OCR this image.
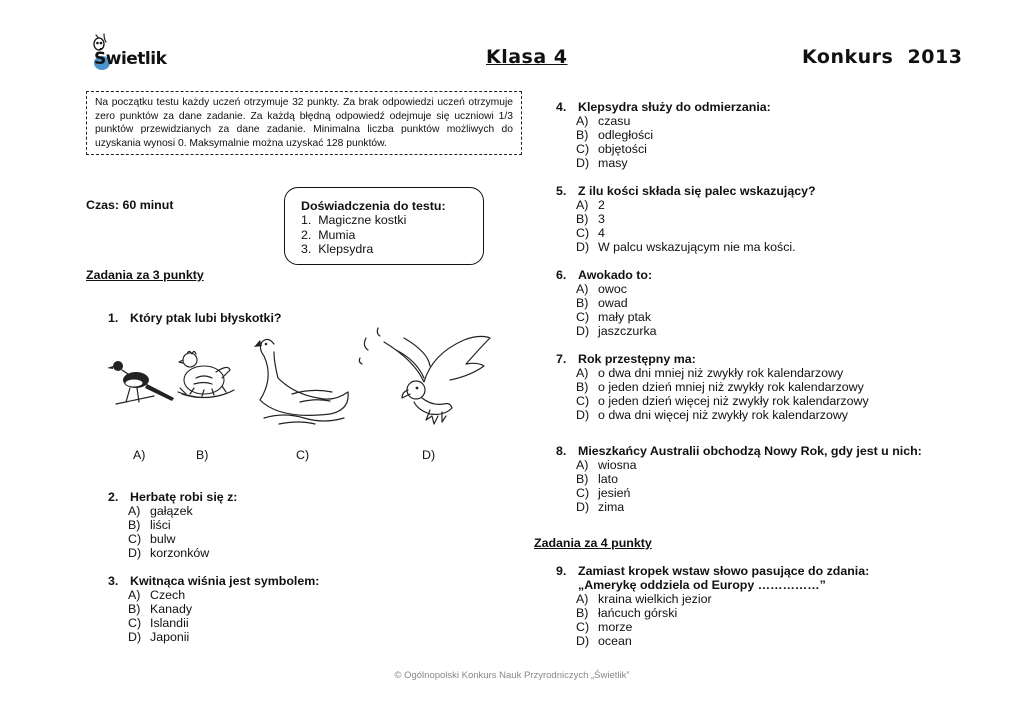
Świetlik	Klasa 4	Konkurs  2013
Na początku testu każdy uczeń otrzymuje 32 punkty. Za brak odpowiedzi uczeń otrzymuje zero punktów za dane zadanie. Za każdą błędną odpowiedź odejmuje się uczniowi 1/3 punktów przewidzianych za dane zadanie. Minimalna liczba punktów możliwych do uzyskania wynosi 0. Maksymalnie można uzyskać 128 punktów.
Czas: 60 minut	Doświadczenia do testu:
1.  Magiczne kostki
2.  Mumia
3.  Klepsydra
Zadania za 3 punkty
1. Który ptak lubi błyskotki?
A)	B)	C)	D)
2. Herbatę robi się z:
A) gałązek
B) liści
C) bulw
D) korzonków
3. Kwitnąca wiśnia jest symbolem:
A) Czech
B) Kanady
C) Islandii
D) Japonii
4. Klepsydra służy do odmierzania:
A) czasu
B) odległości
C) objętości
D) masy
5. Z ilu kości składa się palec wskazujący?
A) 2
B) 3
C) 4
D) W palcu wskazującym nie ma kości.
6. Awokado to:
A) owoc
B) owad
C) mały ptak
D) jaszczurka
7. Rok przestępny ma:
A) o dwa dni mniej niż zwykły rok kalendarzowy
B) o jeden dzień mniej niż zwykły rok kalendarzowy
C) o jeden dzień więcej niż zwykły rok kalendarzowy
D) o dwa dni więcej niż zwykły rok kalendarzowy
8. Mieszkańcy Australii obchodzą Nowy Rok, gdy jest u nich:
A) wiosna
B) lato
C) jesień
D) zima
Zadania za 4 punkty
9. Zamiast kropek wstaw słowo pasujące do zdania:
„Amerykę oddziela od Europy ……………”
A) kraina wielkich jezior
B) łańcuch górski
C) morze
D) ocean
© Ogólnopolski Konkurs Nauk Przyrodniczych „Świetlik”
